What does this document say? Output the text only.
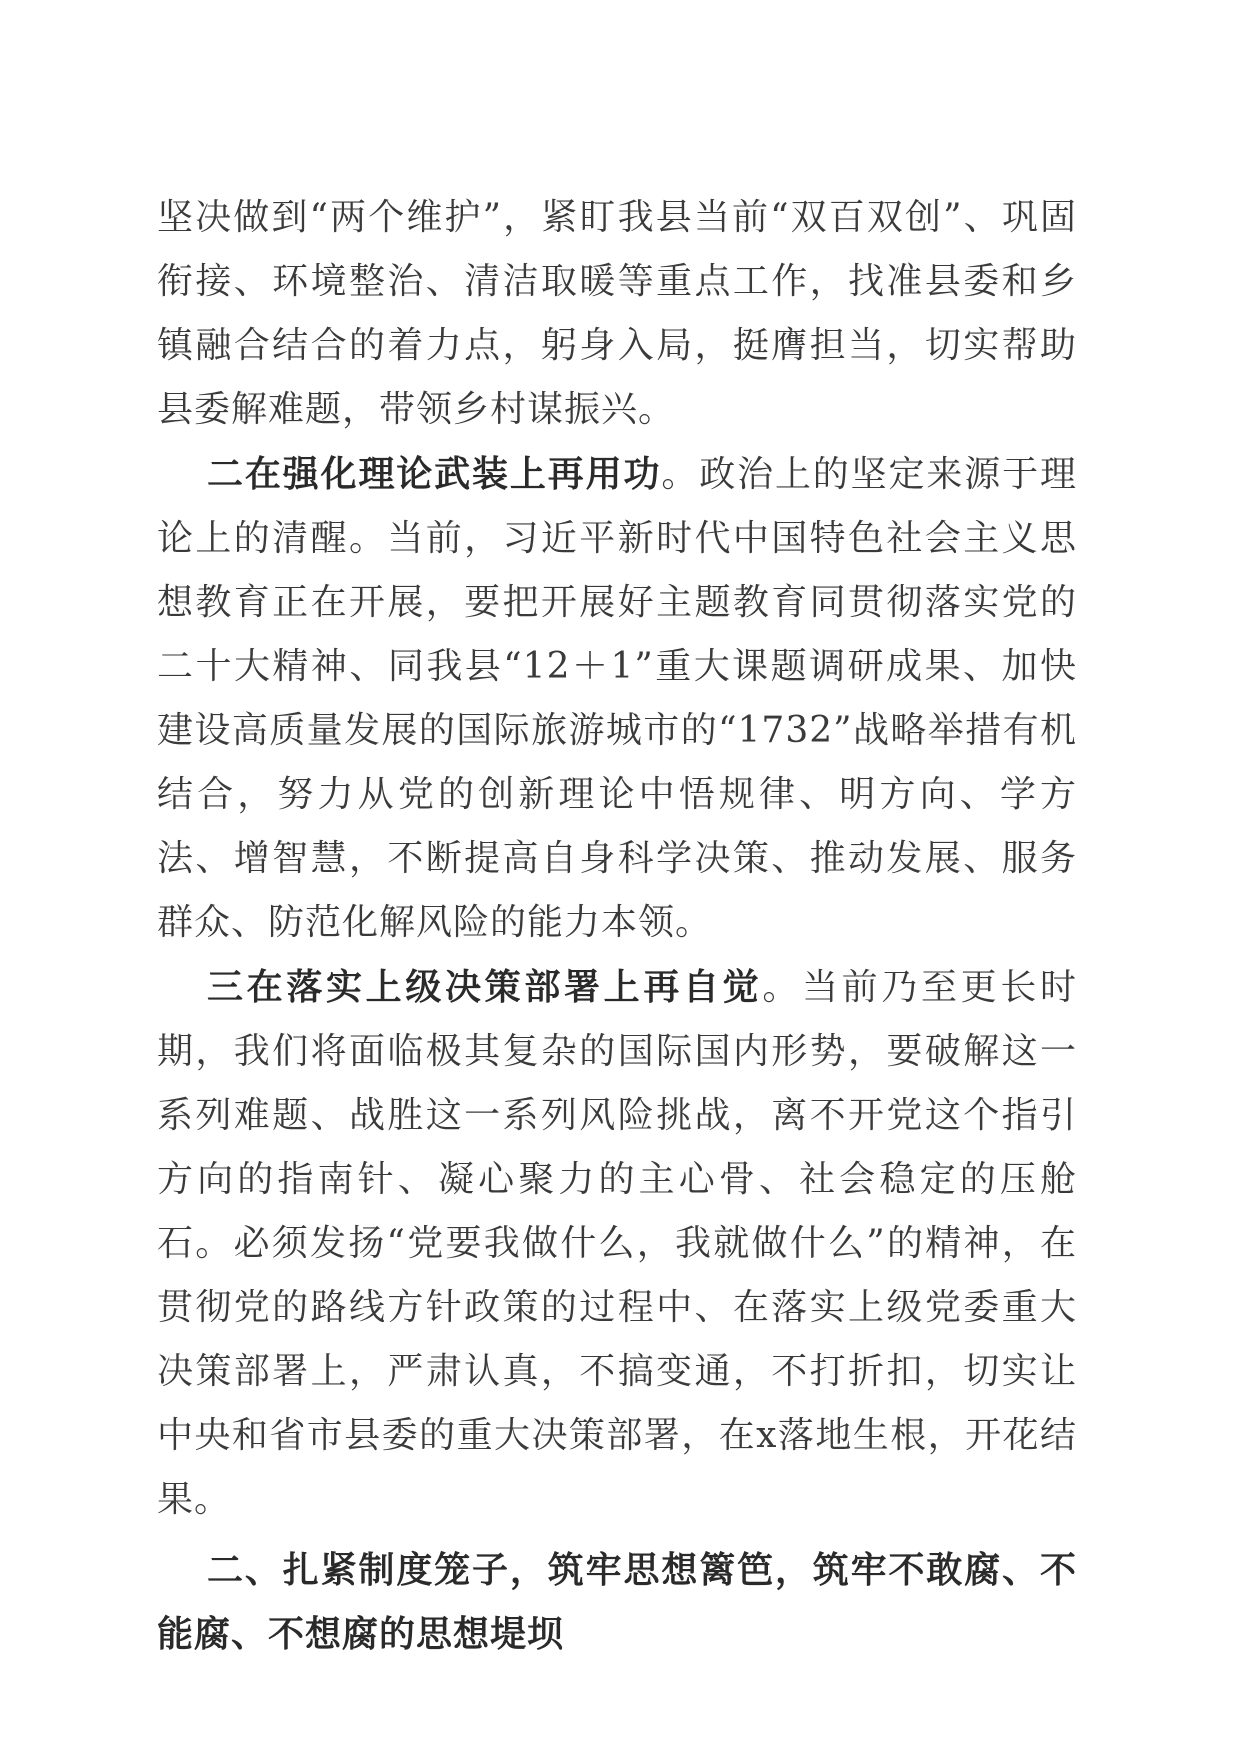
坚决做到“两个维护”，紧盯我县当前“双百双创”、巩固衔接、环境整治、清洁取暖等重点工作，找准县委和乡镇融合结合的着力点，躬身入局，挺膺担当，切实帮助县委解难题，带领乡村谋振兴。

二在强化理论武装上再用功。政治上的坚定来源于理论上的清醒。当前，习近平新时代中国特色社会主义思想教育正在开展，要把开展好主题教育同贯彻落实党的二十大精神、同我县“12＋1”重大课题调研成果、加快建设高质量发展的国际旅游城市的“1732”战略举措有机结合，努力从党的创新理论中悟规律、明方向、学方法、增智慧，不断提高自身科学决策、推动发展、服务群众、防范化解风险的能力本领。

三在落实上级决策部署上再自觉。当前乃至更长时期，我们将面临极其复杂的国际国内形势，要破解这一系列难题、战胜这一系列风险挑战，离不开党这个指引方向的指南针、凝心聚力的主心骨、社会稳定的压舱石。必须发扬“党要我做什么，我就做什么”的精神，在贯彻党的路线方针政策的过程中、在落实上级党委重大决策部署上，严肃认真，不搞变通，不打折扣，切实让中央和省市县委的重大决策部署，在x落地生根，开花结果。

二、扎紧制度笼子，筑牢思想篱笆，筑牢不敢腐、不能腐、不想腐的思想堤坝
